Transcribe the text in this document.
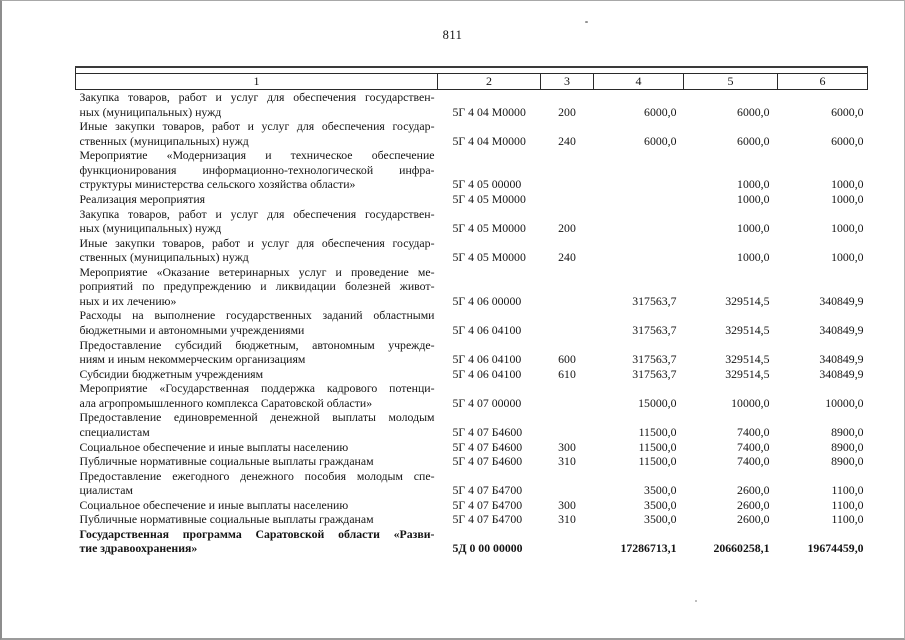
811

1	2	3	4	5	6

Закупка товаров, работ и услуг для обеспечения государствен-
ных (муниципальных) нужд	5Г 4 04 М0000	200	6000,0	6000,0	6000,0

Иные закупки товаров, работ и услуг для обеспечения государ-
ственных (муниципальных) нужд	5Г 4 04 М0000	240	6000,0	6000,0	6000,0

Мероприятие «Модернизация и техническое обеспечение
функционирования информационно-технологической инфра-
структуры министерства сельского хозяйства области»	5Г 4 05 00000			1000,0	1000,0

Реализация мероприятия	5Г 4 05 М0000			1000,0	1000,0

Закупка товаров, работ и услуг для обеспечения государствен-
ных (муниципальных) нужд	5Г 4 05 М0000	200		1000,0	1000,0

Иные закупки товаров, работ и услуг для обеспечения государ-
ственных (муниципальных) нужд	5Г 4 05 М0000	240		1000,0	1000,0

Мероприятие «Оказание ветеринарных услуг и проведение ме-
роприятий по предупреждению и ликвидации болезней живот-
ных и их лечению»	5Г 4 06 00000		317563,7	329514,5	340849,9

Расходы на выполнение государственных заданий областными
бюджетными и автономными учреждениями	5Г 4 06 04100		317563,7	329514,5	340849,9

Предоставление субсидий бюджетным, автономным учрежде-
ниям и иным некоммерческим организациям	5Г 4 06 04100	600	317563,7	329514,5	340849,9

Субсидии бюджетным учреждениям	5Г 4 06 04100	610	317563,7	329514,5	340849,9

Мероприятие «Государственная поддержка кадрового потенци-
ала агропромышленного комплекса Саратовской области»	5Г 4 07 00000		15000,0	10000,0	10000,0

Предоставление единовременной денежной выплаты молодым
специалистам	5Г 4 07 Б4600		11500,0	7400,0	8900,0

Социальное обеспечение и иные выплаты населению	5Г 4 07 Б4600	300	11500,0	7400,0	8900,0

Публичные нормативные социальные выплаты гражданам	5Г 4 07 Б4600	310	11500,0	7400,0	8900,0

Предоставление ежегодного денежного пособия молодым спе-
циалистам	5Г 4 07 Б4700		3500,0	2600,0	1100,0

Социальное обеспечение и иные выплаты населению	5Г 4 07 Б4700	300	3500,0	2600,0	1100,0

Публичные нормативные социальные выплаты гражданам	5Г 4 07 Б4700	310	3500,0	2600,0	1100,0

Государственная программа Саратовской области «Разви-
тие здравоохранения»	5Д 0 00 00000		17286713,1	20660258,1	19674459,0
